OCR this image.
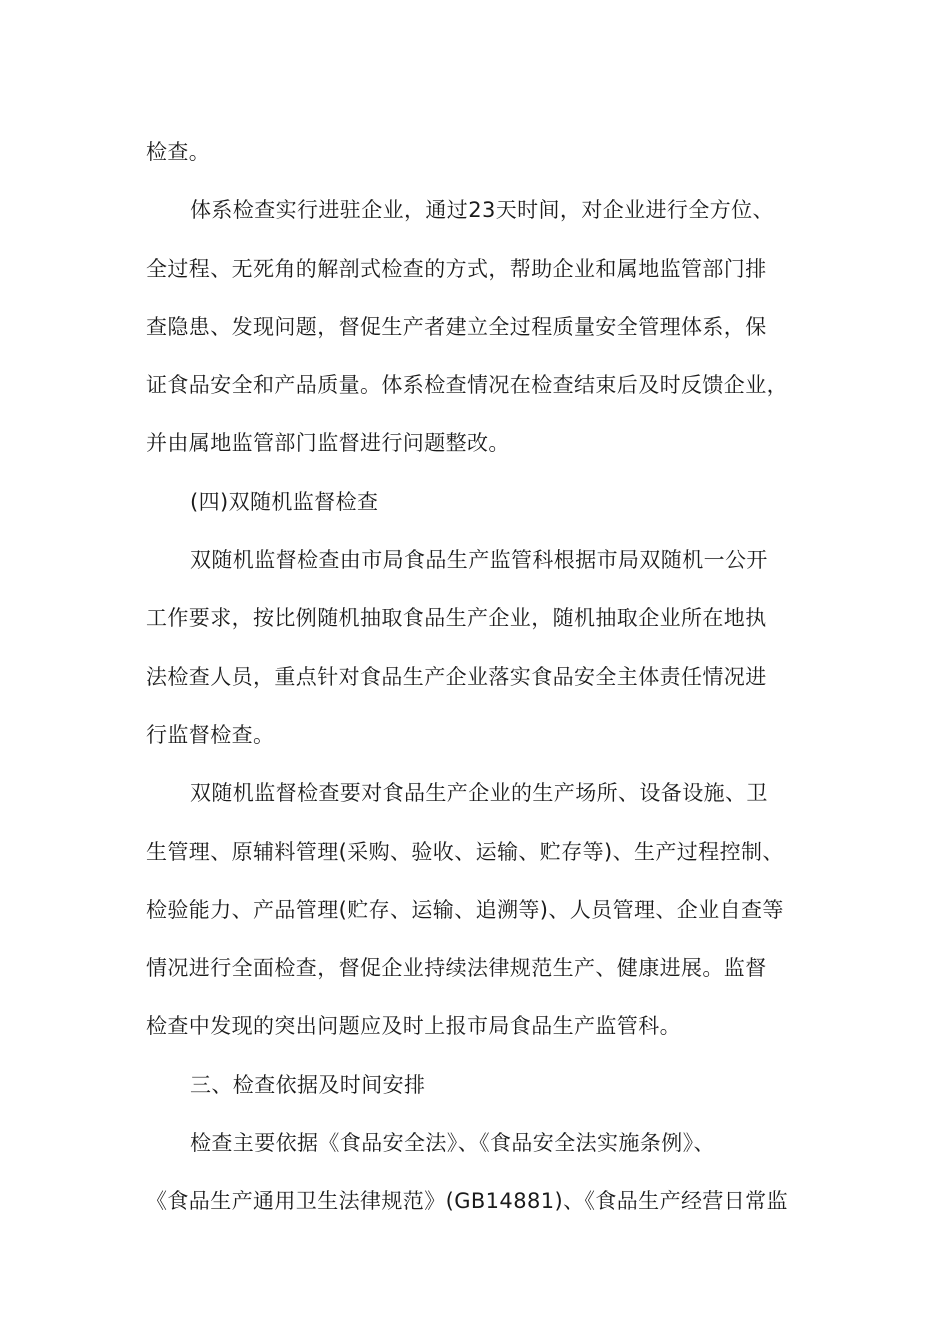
检查。
体系检查实行进驻企业，通过23天时间，对企业进行全方位、
全过程、无死角的解剖式检查的方式，帮助企业和属地监管部门排
查隐患、发现问题，督促生产者建立全过程质量安全管理体系，保
证食品安全和产品质量。体系检查情况在检查结束后及时反馈企业，
并由属地监管部门监督进行问题整改。
(四)双随机监督检查
双随机监督检查由市局食品生产监管科根据市局双随机一公开
工作要求，按比例随机抽取食品生产企业，随机抽取企业所在地执
法检查人员，重点针对食品生产企业落实食品安全主体责任情况进
行监督检查。
双随机监督检查要对食品生产企业的生产场所、设备设施、卫
生管理、原辅料管理(采购、验收、运输、贮存等)、生产过程控制、
检验能力、产品管理(贮存、运输、追溯等)、人员管理、企业自查等
情况进行全面检查，督促企业持续法律规范生产、健康进展。监督
检查中发现的突出问题应及时上报市局食品生产监管科。
三、检查依据及时间安排
检查主要依据《食品安全法》、《食品安全法实施条例》、
《食品生产通用卫生法律规范》(GB14881)、《食品生产经营日常监
